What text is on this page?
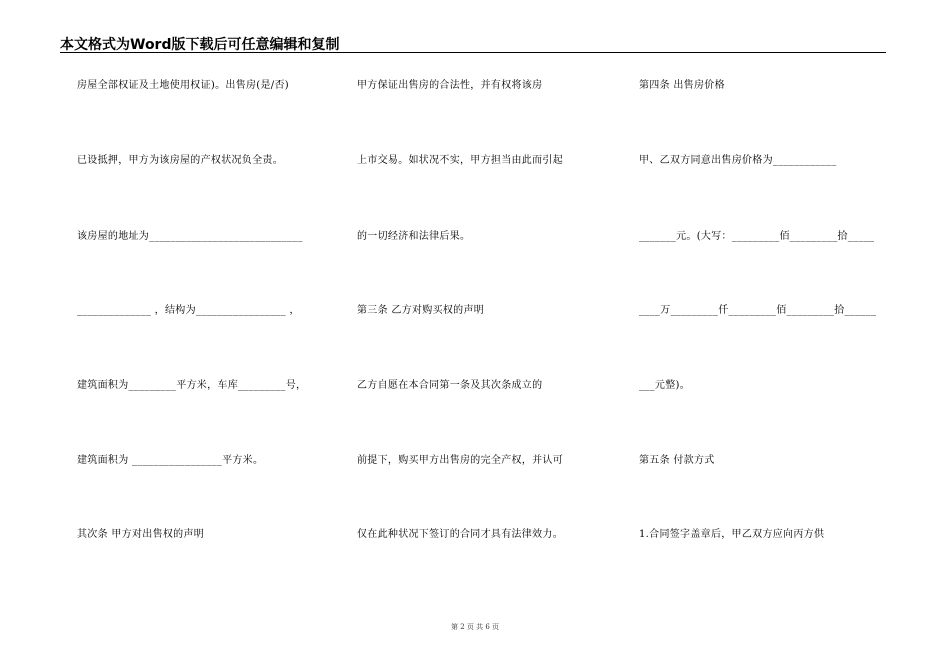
本文格式为Word版下载后可任意编辑和复制
房屋全部权证及土地使用权证)。出售房(是/否)
已设抵押，甲方为该房屋的产权状况负全责。
该房屋的地址为_____________________________
______________ ，结构为_________________ ，
建筑面积为_________平方米，车库_________号，
建筑面积为 _________________平方米。
其次条 甲方对出售权的声明
甲方保证出售房的合法性，并有权将该房
上市交易。如状况不实，甲方担当由此而引起
的一切经济和法律后果。
第三条 乙方对购买权的声明
乙方自愿在本合同第一条及其次条成立的
前提下，购买甲方出售房的完全产权，并认可
仅在此种状况下签订的合同才具有法律效力。
第四条 出售房价格
甲、乙双方同意出售房价格为____________
_______元。(大写：_________佰_________拾_____
____万_________仟_________佰_________拾______
___元整)。
第五条 付款方式
1.合同签字盖章后，甲乙双方应向丙方供
第 2 页 共 6 页
